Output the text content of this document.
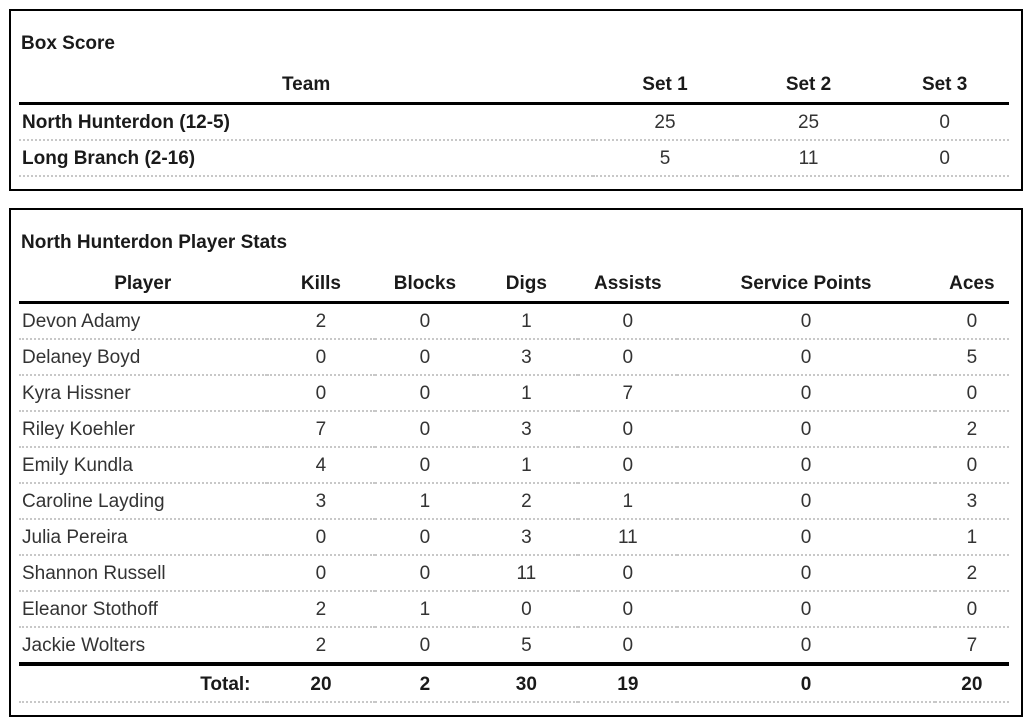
Box Score
Team	Set 1	Set 2	Set 3
North Hunterdon (12-5)	25	25	0
Long Branch (2-16)	5	11	0
North Hunterdon Player Stats
Player	Kills	Blocks	Digs	Assists	Service Points	Aces
Devon Adamy	2	0	1	0	0	0
Delaney Boyd	0	0	3	0	0	5
Kyra Hissner	0	0	1	7	0	0
Riley Koehler	7	0	3	0	0	2
Emily Kundla	4	0	1	0	0	0
Caroline Layding	3	1	2	1	0	3
Julia Pereira	0	0	3	11	0	1
Shannon Russell	0	0	11	0	0	2
Eleanor Stothoff	2	1	0	0	0	0
Jackie Wolters	2	0	5	0	0	7
Total:	20	2	30	19	0	20
